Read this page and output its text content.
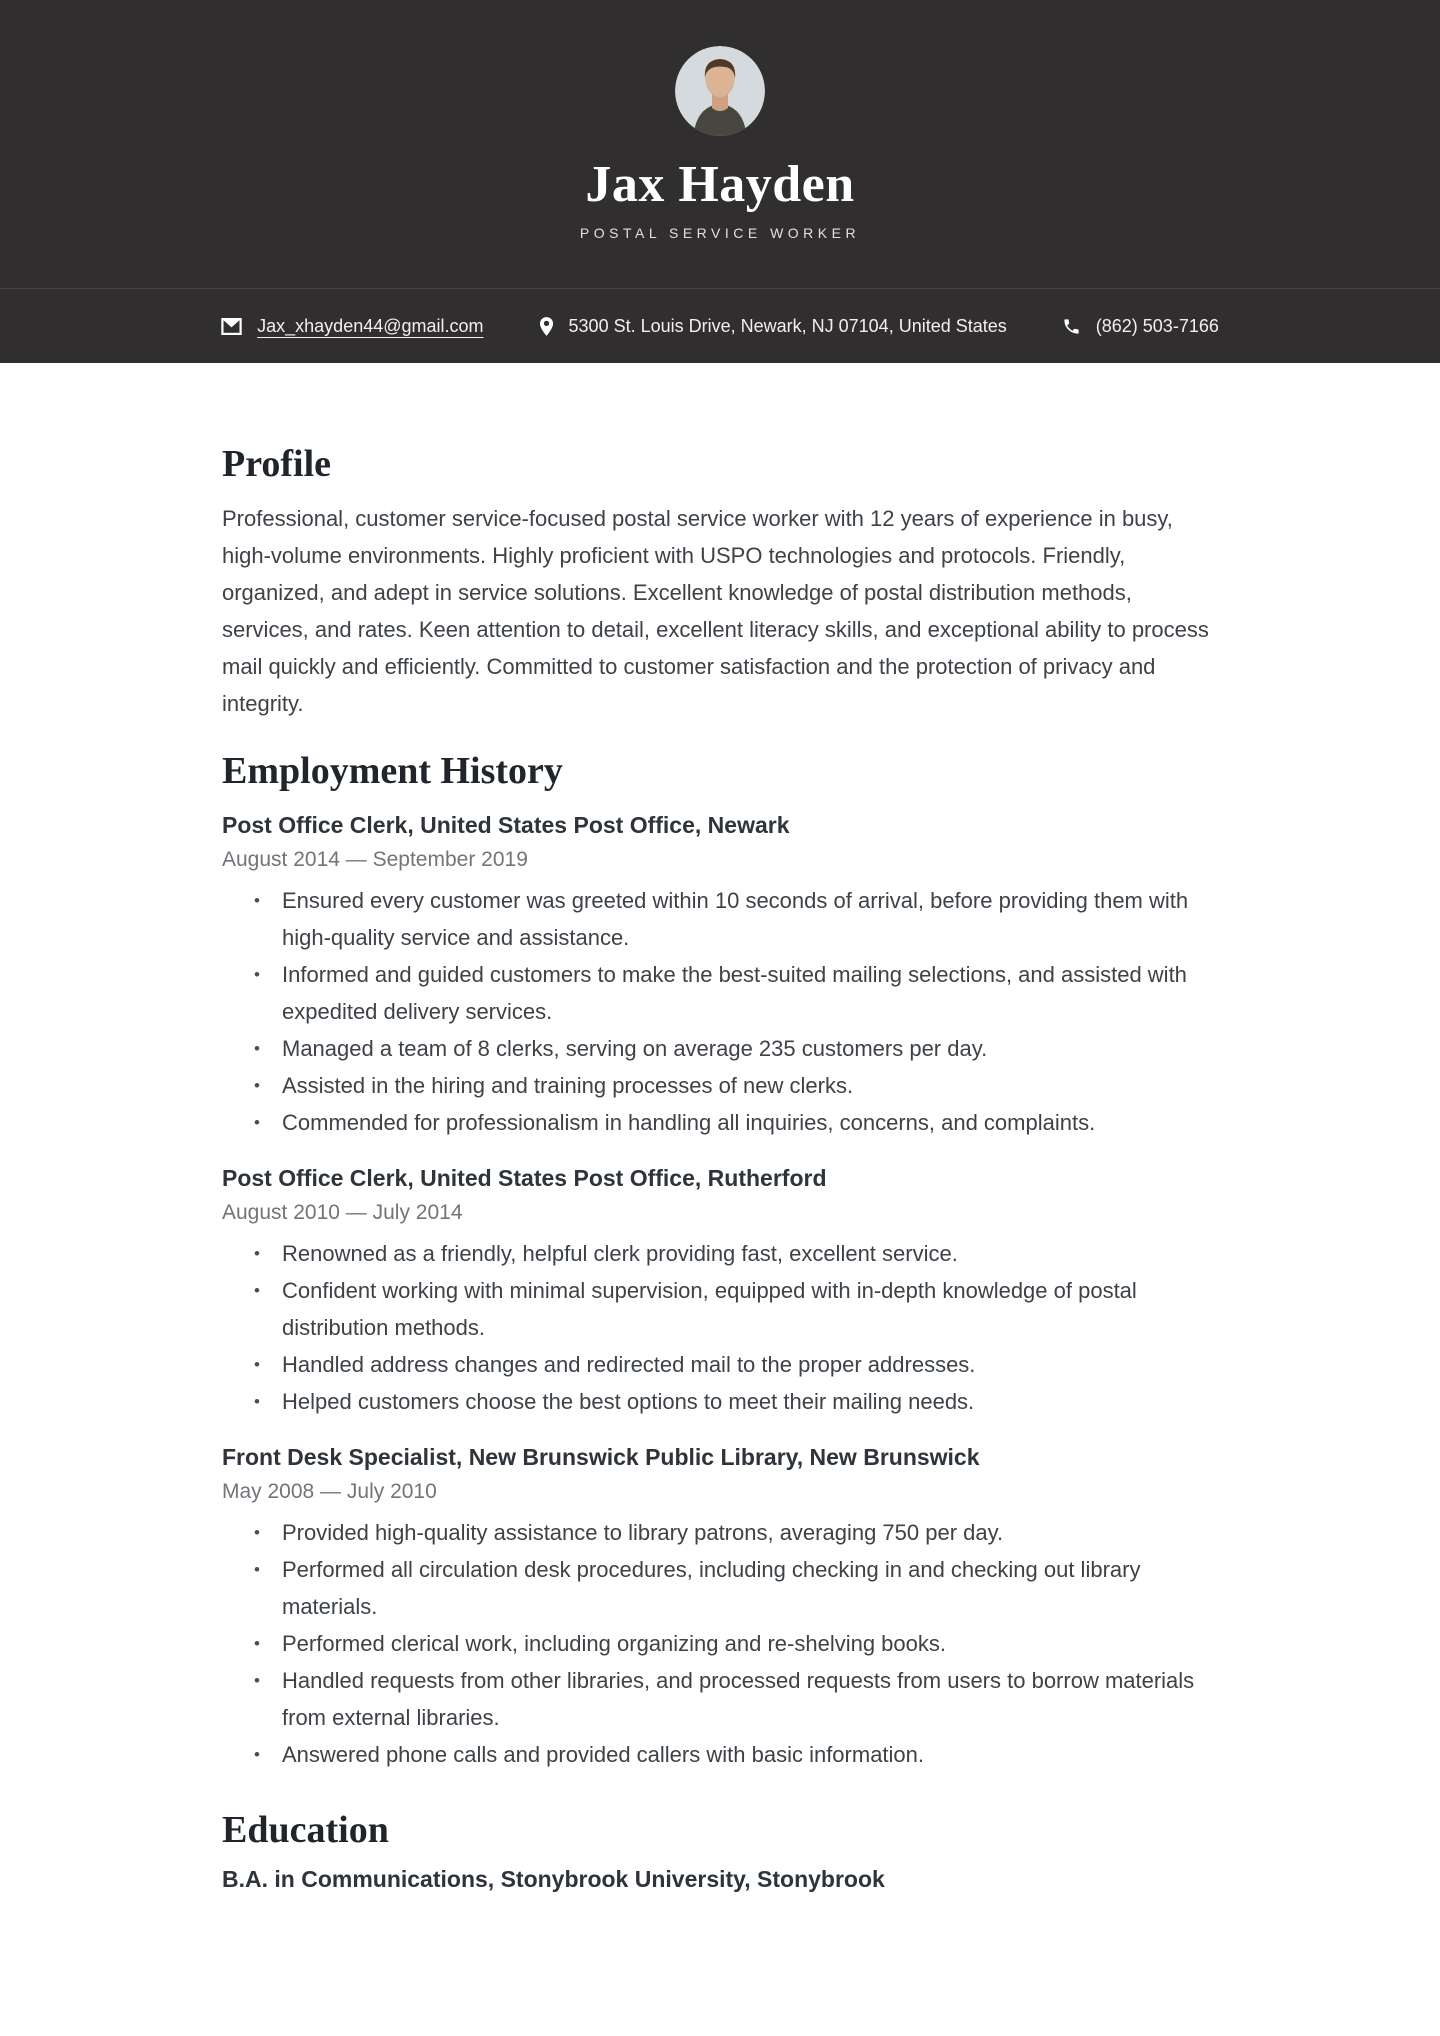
Jax Hayden
POSTAL SERVICE WORKER
Jax_xhayden44@gmail.com	5300 St. Louis Drive, Newark, NJ 07104, United States	(862) 503-7166
Profile

Professional, customer service-focused postal service worker with 12 years of experience in busy, high-volume environments. Highly proficient with USPO technologies and protocols. Friendly, organized, and adept in service solutions. Excellent knowledge of postal distribution methods, services, and rates. Keen attention to detail, excellent literacy skills, and exceptional ability to process mail quickly and efficiently. Committed to customer satisfaction and the protection of privacy and integrity.

Employment History
Post Office Clerk, United States Post Office, Newark
August 2014 — September 2019
• Ensured every customer was greeted within 10 seconds of arrival, before providing them with high-quality service and assistance.
• Informed and guided customers to make the best-suited mailing selections, and assisted with expedited delivery services.
• Managed a team of 8 clerks, serving on average 235 customers per day.
• Assisted in the hiring and training processes of new clerks.
• Commended for professionalism in handling all inquiries, concerns, and complaints.
Post Office Clerk, United States Post Office, Rutherford
August 2010 — July 2014
• Renowned as a friendly, helpful clerk providing fast, excellent service.
• Confident working with minimal supervision, equipped with in-depth knowledge of postal distribution methods.
• Handled address changes and redirected mail to the proper addresses.
• Helped customers choose the best options to meet their mailing needs.
Front Desk Specialist, New Brunswick Public Library, New Brunswick
May 2008 — July 2010
• Provided high-quality assistance to library patrons, averaging 750 per day.
• Performed all circulation desk procedures, including checking in and checking out library materials.
• Performed clerical work, including organizing and re-shelving books.
• Handled requests from other libraries, and processed requests from users to borrow materials from external libraries.
• Answered phone calls and provided callers with basic information.
Education
B.A. in Communications, Stonybrook University, Stonybrook
